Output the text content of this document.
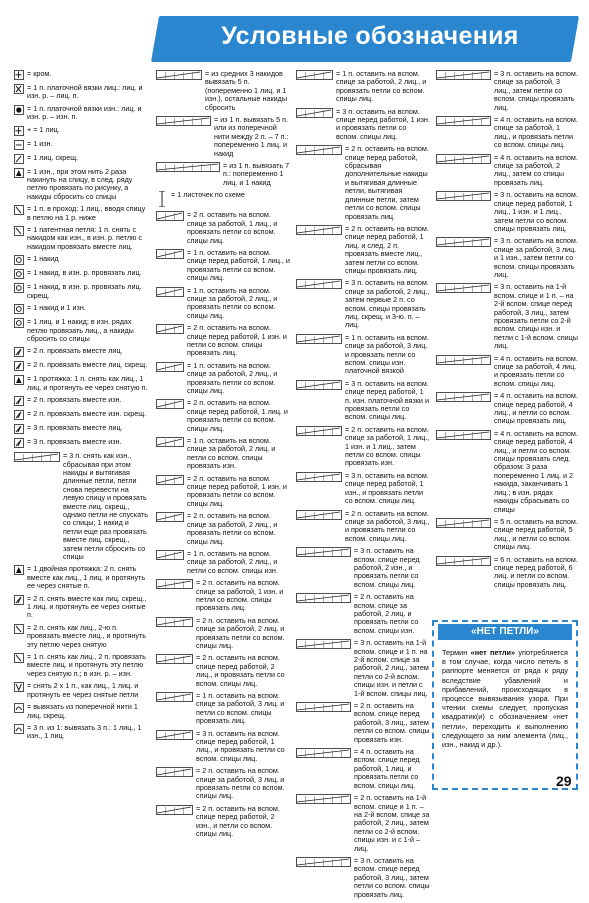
Условные обозначения
= кром.
= 1 п. платочной вязки лиц.: лиц. и изн. р. – лиц. п.
= 1 п. платочной вязки изн.: лиц. и изн. р. – изн. п.
+ = 1 лиц.
= 1 изн.
= 1 лиц. скрещ.
= 1 изн., при этом нить 2 раза накинуть на спицу, в след. ряду петлю провязать по рисунку, а накиды сбросить со спицы
= 1 п. в проход: 1 лиц., вводя спицу в петлю на 1 р. ниже
= 1 патентная петля: 1 п. снять с накидом как изн., в изн. р. петлю с накидом провязать вместе лиц.
= 1 накид
= 1 накид, в изн. р. провязать лиц.
= 1 накид, в изн. р. провязать лиц. скрещ.
= 1 накид и 1 изн.
= 1 лиц. и 1 накид; в изн. рядах петлю провязать лиц., а накиды сбросить со спицы
= 2 п. провязать вместе лиц.
= 2 п. провязать вместе лиц. скрещ.
= 1 протяжка: 1 п. снять как лиц., 1 лиц. и протянуть ее через снятую п.
= 2 п. провязать вместе изн.
= 2 п. провязать вместе изн. скрещ.
= 3 п. провязать вместе лиц.
= 3 п. провязать вместе изн.
= 3 п. снять как изн., сбрасывая при этом накиды и вытягивая длинные петли, петли снова перевести на левую спицу и провязать вместе лиц. скрещ., однако петли не спускать со спицы; 1 накид и петли еще раз провязать вместе лиц. скрещ., затем петли сбросить со спицы
= 1 двойная протяжка: 2 п. снять вместе как лиц., 1 лиц. и протянуть ее через снятые п.
= 2 п. снять вместе как лиц. скрещ., 1 лиц. и протянуть ее через снятые п.
= 2 п. снять как лиц., 2-ю п. провязать вместе лиц., и протянуть эту петлю через снятую
= 1 п. снять как лиц., 2 п. провязать вместе лиц. и протянуть эту петлю через снятую п.; в изн. р. – изн.
= снять 2 х 1 п., как лиц., 1 лиц. и протянуть ее через снятые петли
= вывязать из поперечной нити 1 лиц. скрещ.
= 3 п. из 1: вывязать 3 п.: 1 лиц., 1 изн., 1 лиц.
= из средних 3 накидов вывязать 5 п. (попеременно 1 лиц. и 1 изн.), остальные накиды сбросить
= из 1 п. вывязать 5 п. или из поперечной нити между 2 п. – 7 п.: попеременно 1 лиц. и накид
= из 1 п. вывязать 7 п.: попеременно 1 лиц. и 1 накид
= 1 листочек по схеме
= 2 п. оставить на вспом. спице за работой, 1 лиц., и провязать петли со вспом. спицы лиц.
= 1 п. оставить на вспом. спице перед работой, 1 лиц., и провязать петли со вспом. спицы лиц.
= 1 п. оставить на вспом. спице за работой, 2 лиц., и провязать петли со вспом. спицы лиц.
= 2 п. оставить на вспом. спице перед работой, 1 изн. и петли со вспом. спицы провязать лиц.
= 1 п. оставить на вспом. спице за работой, 2 лиц., и провязать петли со вспом. спицы лиц.
= 2 п. оставить на вспом. спице перед работой, 1 лиц. и провязать петли со вспом. спицы лиц.
= 1 п. оставить на вспом. спице за работой, 2 лиц. и петли со вспом. спицы провязать изн.
= 2 п. оставить на вспом. спице перед работой, 1 изн. и провязать петли со вспом. спицы лиц.
= 2 п. оставить на вспом. спице за работой, 2 лиц., и провязать петли со вспом. спицы лиц.
= 1 п. оставить на вспом. спице за работой, 2 лиц., и петли со вспом. спицы изн.
= 2 п. оставить на вспом. спице за работой, 1 изн. и петли со вспом. спицы провязать лиц.
= 2 п. оставить на вспом. спице за работой, 2 лиц. и провязать петли со вспом. спицы лиц.
= 2 п. оставить на вспом. спице перед работой, 2 лиц., и провязать петли со вспом. спицы лиц.
= 1 п. оставить на вспом. спице за работой, 3 лиц. и петли со вспом. спицы провязать лиц.
= 3 п. оставить на вспом. спице перед работой, 1 лиц., и провязать петли со вспом. спицы лиц.
= 2 п. оставить на вспом. спице за работой, 3 лиц. и провязать петли со вспом. спицы лиц.
= 2 п. оставить на вспом. спице перед работой, 2 изн., и петли со вспом. спицы лиц.
= 1 п. оставить на вспом. спице за работой, 2 лиц., и провязать петли со вспом. спицы лиц.
= 3 п. оставить на вспом. спице перед работой, 1 изн. и провязать петли со вспом. спицы лиц.
= 2 п. оставить на вспом. спице перед работой, сбрасывая дополнительные накиды и вытягивая длинные петли, вытягивая длинные петли, затем петли со вспом. спицы провязать лиц.
= 2 п. оставить на вспом. спице перед работой, 1 лиц. и след. 2 п. провязать вместе лиц., затем петли со вспом. спицы провязать лиц.
= 3 п. оставить на вспом. спице за работой, 2 лиц., затем первые 2 п. со вспом. спицы провязать лиц. скрещ. и 3-ю. п. – лиц.
= 1 п. оставить на вспом. спице за работой, 3 лиц. и провязать петли со вспом. спицы изн. платочной вязкой
= 3 п. оставить на вспом. спице перед работой, 1 п. изн. платочной вязки и провязать петли со вспом. спицы лиц.
= 2 п. оставить на вспом. спице за работой, 1 лиц., 1 изн. и 1 лиц., затем петли со вспом. спицы провязать изн.
= 3 п. оставить на вспом. спице перед работой, 1 изн., и провязать петли со вспом. спицы лиц.
= 2 п. оставить на вспом. спице за работой, 3 лиц., и провязать петли со вспом. спицы лиц.
= 3 п. оставить на вспом. спице перед работой, 2 изн., и провязать петли со вспом. спицы лиц.
= 2 п. оставить на вспом. спице за работой, 2 лиц. и провязать петли со вспом. спицы изн.
= 3 п. оставить на 1-й вспом. спице и 1 п. на 2-й вспом. спице за работой, 2 лиц., затем петли со 2-й вспом. спицы изн. и петли с 1-й вспом. спицы лиц.
= 2 п. оставить на вспом. спице перед работой, 3 лиц., затем петли со вспом. спицы провязать изн.
= 4 п. оставить на вспом. спице перед работой, 1 лиц. и провязать петли со вспом. спицы лиц.
= 2 п. оставить на 1-й вспом. спице и 1 п. – на 2-й вспом. спице за работой, 2 лиц., затем петли со 2-й вспом. спицы изн. и с 1-й – лиц.
= 3 п. оставить на вспом. спице перед работой, 3 лиц., затем петли со вспом. спицы провязать лиц.
= 3 п. оставить на вспом. спице за работой, 3 лиц., затем петли со вспом. спицы провязать лиц.
= 4 п. оставить на вспом. спице за работой, 1 лиц., и провязать петли со вспом. спицы лиц.
= 4 п. оставить на вспом. спице за работой, 2 лиц., затем со спицы провязать лиц.
= 3 п. оставить на вспом. спице перед работой, 1 лиц., 1 изн. и 1 лиц., затем петли со вспом. спицы провязать лиц.
= 3 п. оставить на вспом. спице за работой, 3 лиц. и 1 изн., затем петли со вспом. спицы провязать лиц.
= 3 п. оставить на 1-й вспом. спице и 1 п. – на 2-й вспом. спице перед работой, 3 лиц., затем провязать петли со 2-й вспом. спицы изн. и петли с 1-й вспом. спицы лиц.
= 4 п. оставить на вспом. спице за работой, 4 лиц. и провязать петли со вспом. спицы лиц.
= 4 п. оставить на вспом. спице перед работой, 4 лиц., и петли со вспом. спицы провязать лиц.
= 4 п. оставить на вспом. спице перед работой, 4 лиц., и петли со вспом. спицы провязать след. образом: 3 раза попеременно 1 лиц. и 2 накида, заканчивать 1 лиц.; в изн. рядах накиды сбрасывать со спицы
= 5 п. оставить на вспом. спице перед работой, 5 лиц., и петли со вспом. спицы лиц.
= 6 п. оставить на вспом. спице перед работой, 6 лиц. и петли со вспом. спицы провязать лиц.
«НЕТ ПЕТЛИ»
Термин «нет петли» употребляется в том случае, когда число петель в раппорте меняется от ряда к ряду вследствие убавлений и прибавлений, происходящих в процессе вывязывания узора. При чтении схемы следует, пропуская квадратик(и) с обозначением «нет петли», переходить к выполнению следующего за ним элемента (лиц., изн., накид и др.).
29
